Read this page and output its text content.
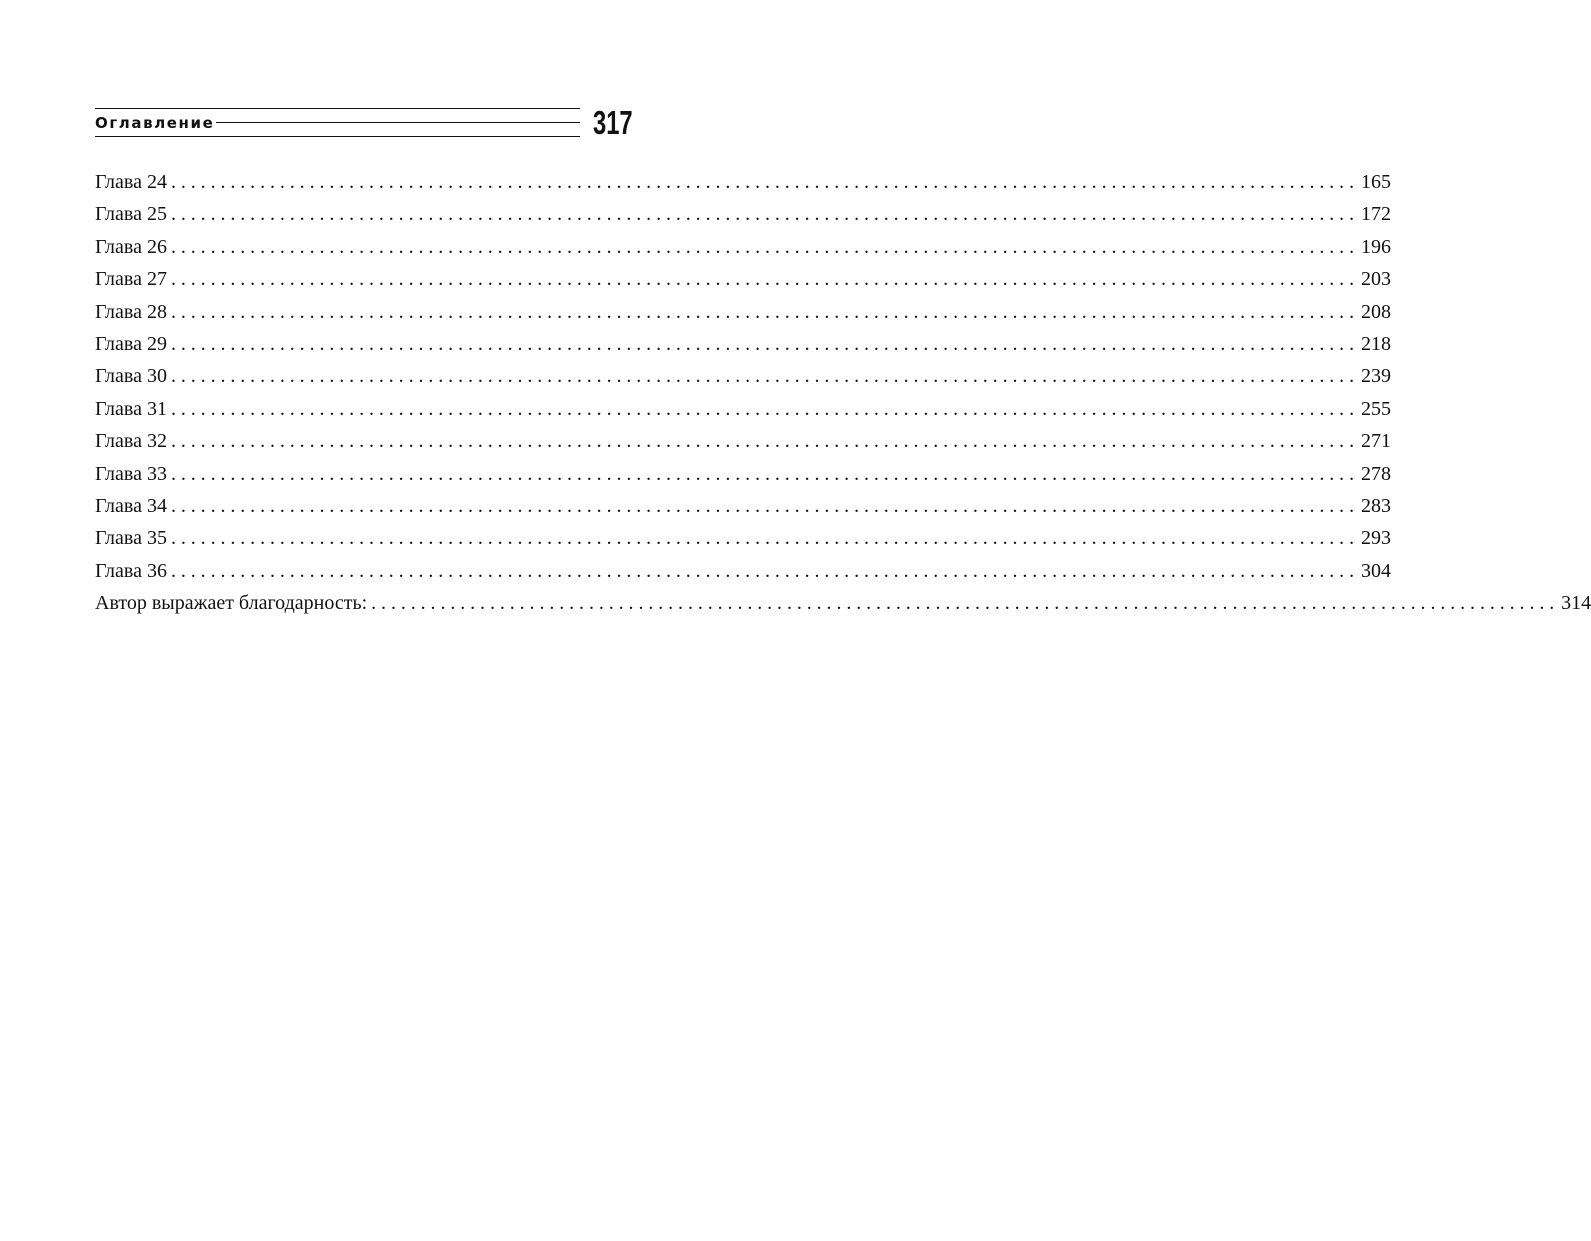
Оглавление	317
Глава 24 ........................................................................................................................ 165
Глава 25 ........................................................................................................................ 172
Глава 26 ........................................................................................................................ 196
Глава 27 ........................................................................................................................ 203
Глава 28 ........................................................................................................................ 208
Глава 29 ........................................................................................................................ 218
Глава 30 ........................................................................................................................ 239
Глава 31 ........................................................................................................................ 255
Глава 32 ........................................................................................................................ 271
Глава 33 ........................................................................................................................ 278
Глава 34 ........................................................................................................................ 283
Глава 35 ........................................................................................................................ 293
Глава 36 ........................................................................................................................ 304
Автор выражает благодарность: ........................................................................................................................ 314
